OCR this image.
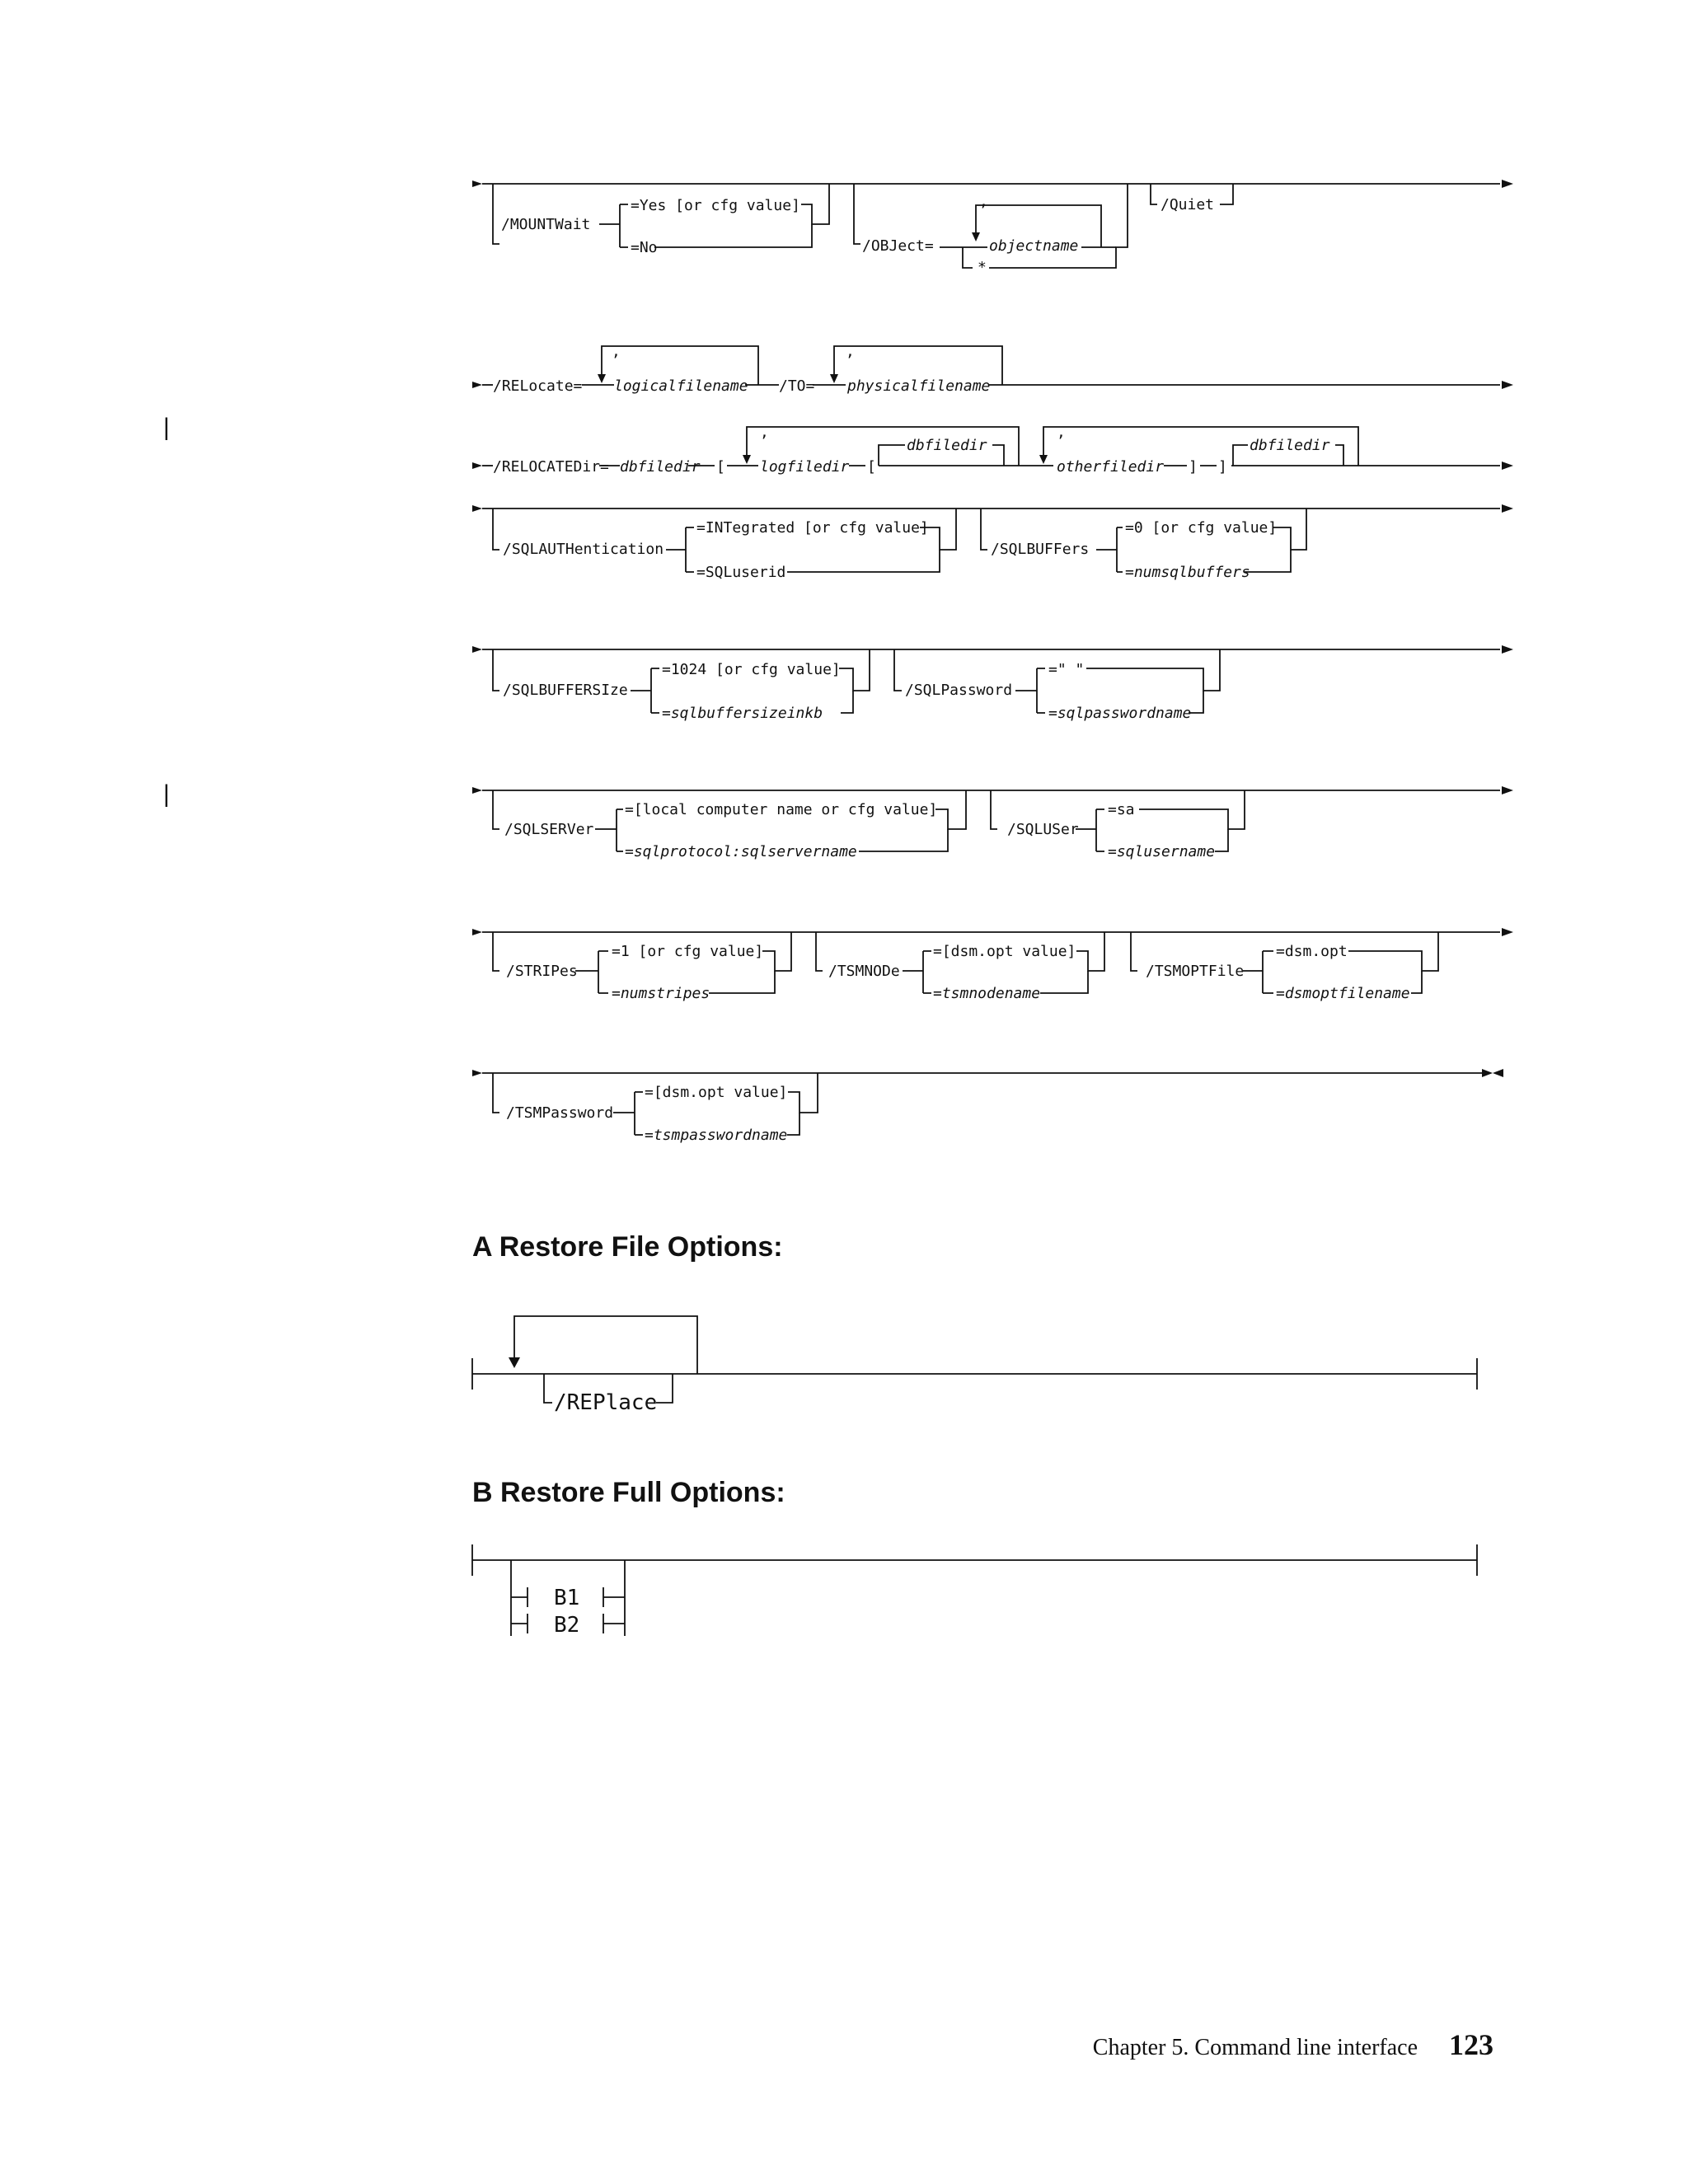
|
|
/MOUNTWait
=Yes [or cfg value]
=No	/OBJect=
,
objectname
*
/Quiet
/RELocate=
,
logicalfilename /TO=
,
physicalfilename
/RELOCATEDir= dbfiledir [
,
logfiledir [
dbfiledir
,
otherfiledir ] ]
dbfiledir
/SQLAUTHentication
=INTegrated [or cfg value]
=SQLuserid
/SQLBUFFers
=0 [or cfg value]
=numsqlbuffers
/SQLBUFFERSIze
=1024 [or cfg value]
=sqlbuffersizeinkb
/SQLPassword
=" "
=sqlpasswordname
/SQLSERVer
=[local computer name or cfg value]
=sqlprotocol:sqlservername
/SQLUSer
=sa
=sqlusername
/STRIPes
=1 [or cfg value]
=numstripes
/TSMNODe
=[dsm.opt value]
=tsmnodename
/TSMOPTFile
=dsm.opt
=dsmoptfilename
/TSMPassword
=[dsm.opt value]
=tsmpasswordname
A Restore File Options:
/REPlace
B Restore Full Options:
B1
B2
Chapter 5. Command line interface 123
